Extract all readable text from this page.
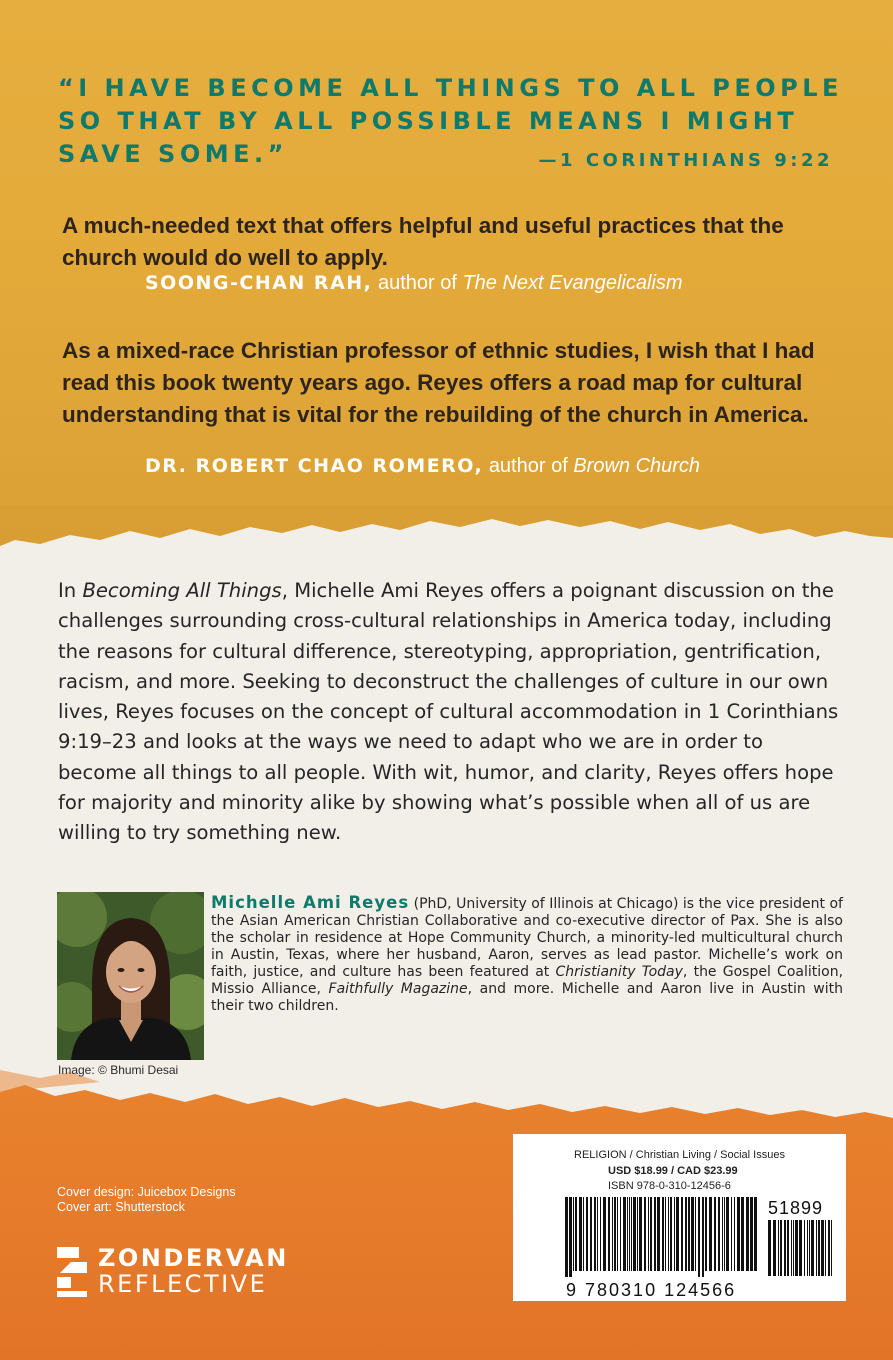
“I HAVE BECOME ALL THINGS TO ALL PEOPLE SO THAT BY ALL POSSIBLE MEANS I MIGHT SAVE SOME.”	—1 CORINTHIANS 9:22
A much-needed text that offers helpful and useful practices that the church would do well to apply.
SOONG-CHAN RAH, author of The Next Evangelicalism
As a mixed-race Christian professor of ethnic studies, I wish that I had read this book twenty years ago. Reyes offers a road map for cultural understanding that is vital for the rebuilding of the church in America.
DR. ROBERT CHAO ROMERO, author of Brown Church
In Becoming All Things, Michelle Ami Reyes offers a poignant discussion on the challenges surrounding cross-cultural relationships in America today, including the reasons for cultural difference, stereotyping, appropriation, gentrification, racism, and more. Seeking to deconstruct the challenges of culture in our own lives, Reyes focuses on the concept of cultural accommodation in 1 Corinthians 9:19–23 and looks at the ways we need to adapt who we are in order to become all things to all people. With wit, humor, and clarity, Reyes offers hope for majority and minority alike by showing what’s possible when all of us are willing to try something new.
Image: © Bhumi Desai
Michelle Ami Reyes (PhD, University of Illinois at Chicago) is the vice president of the Asian American Christian Collaborative and co-executive director of Pax. She is also the scholar in residence at Hope Community Church, a minority-led multicultural church in Austin, Texas, where her husband, Aaron, serves as lead pastor. Michelle’s work on faith, justice, and culture has been featured at Christianity Today, the Gospel Coalition, Missio Alliance, Faithfully Magazine, and more. Michelle and Aaron live in Austin with their two children.
Cover design: Juicebox Designs
Cover art: Shutterstock
ZONDERVAN
REFLECTIVE
RELIGION / Christian Living / Social Issues
USD $18.99 / CAD $23.99
ISBN 978-0-310-12456-6
51899
9 780310 124566
